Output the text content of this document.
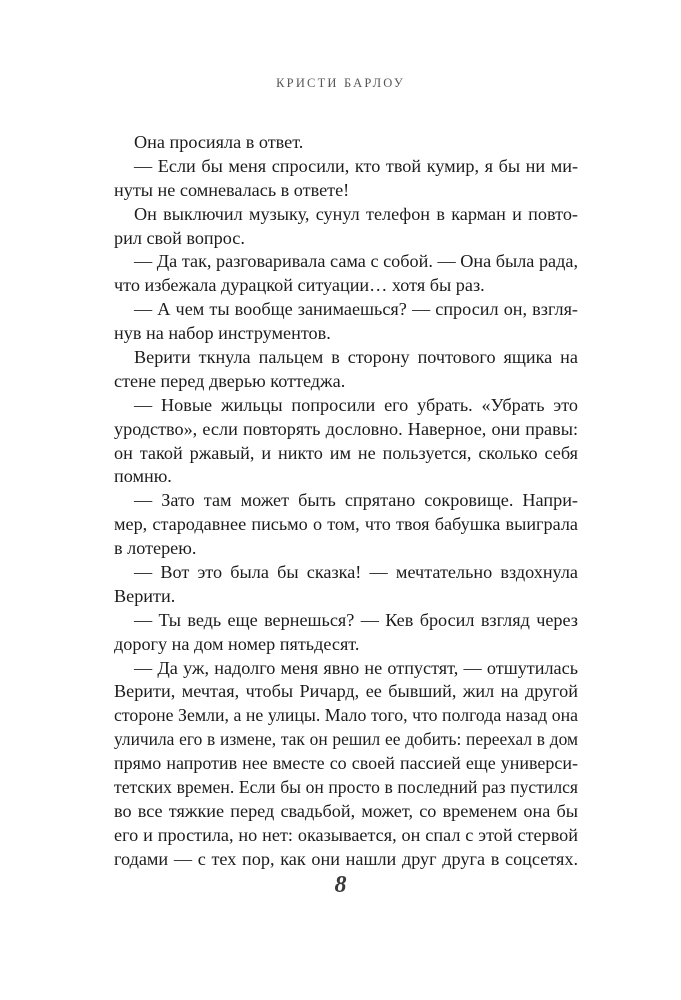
КРИСТИ БАРЛОУ
Она просияла в ответ.
— Если бы меня спросили, кто твой кумир, я бы ни ми-
нуты не сомневалась в ответе!
Он выключил музыку, сунул телефон в карман и повто-
рил свой вопрос.
— Да так, разговаривала сама с собой. — Она была рада,
что избежала дурацкой ситуации… хотя бы раз.
— А чем ты вообще занимаешься? — спросил он, взгля-
нув на набор инструментов.
Верити ткнула пальцем в сторону почтового ящика на
стене перед дверью коттеджа.
— Новые жильцы попросили его убрать. «Убрать это
уродство», если повторять дословно. Наверное, они правы:
он такой ржавый, и никто им не пользуется, сколько себя
помню.
— Зато там может быть спрятано сокровище. Напри-
мер, стародавнее письмо о том, что твоя бабушка выиграла
в лотерею.
— Вот это была бы сказка! — мечтательно вздохнула
Верити.
— Ты ведь еще вернешься? — Кев бросил взгляд через
дорогу на дом номер пятьдесят.
— Да уж, надолго меня явно не отпустят, — отшутилась
Верити, мечтая, чтобы Ричард, ее бывший, жил на другой
стороне Земли, а не улицы. Мало того, что полгода назад она
уличила его в измене, так он решил ее добить: переехал в дом
прямо напротив нее вместе со своей пассией еще универси-
тетских времен. Если бы он просто в последний раз пустился
во все тяжкие перед свадьбой, может, со временем она бы
его и простила, но нет: оказывается, он спал с этой стервой
годами — с тех пор, как они нашли друг друга в соцсетях.
8
